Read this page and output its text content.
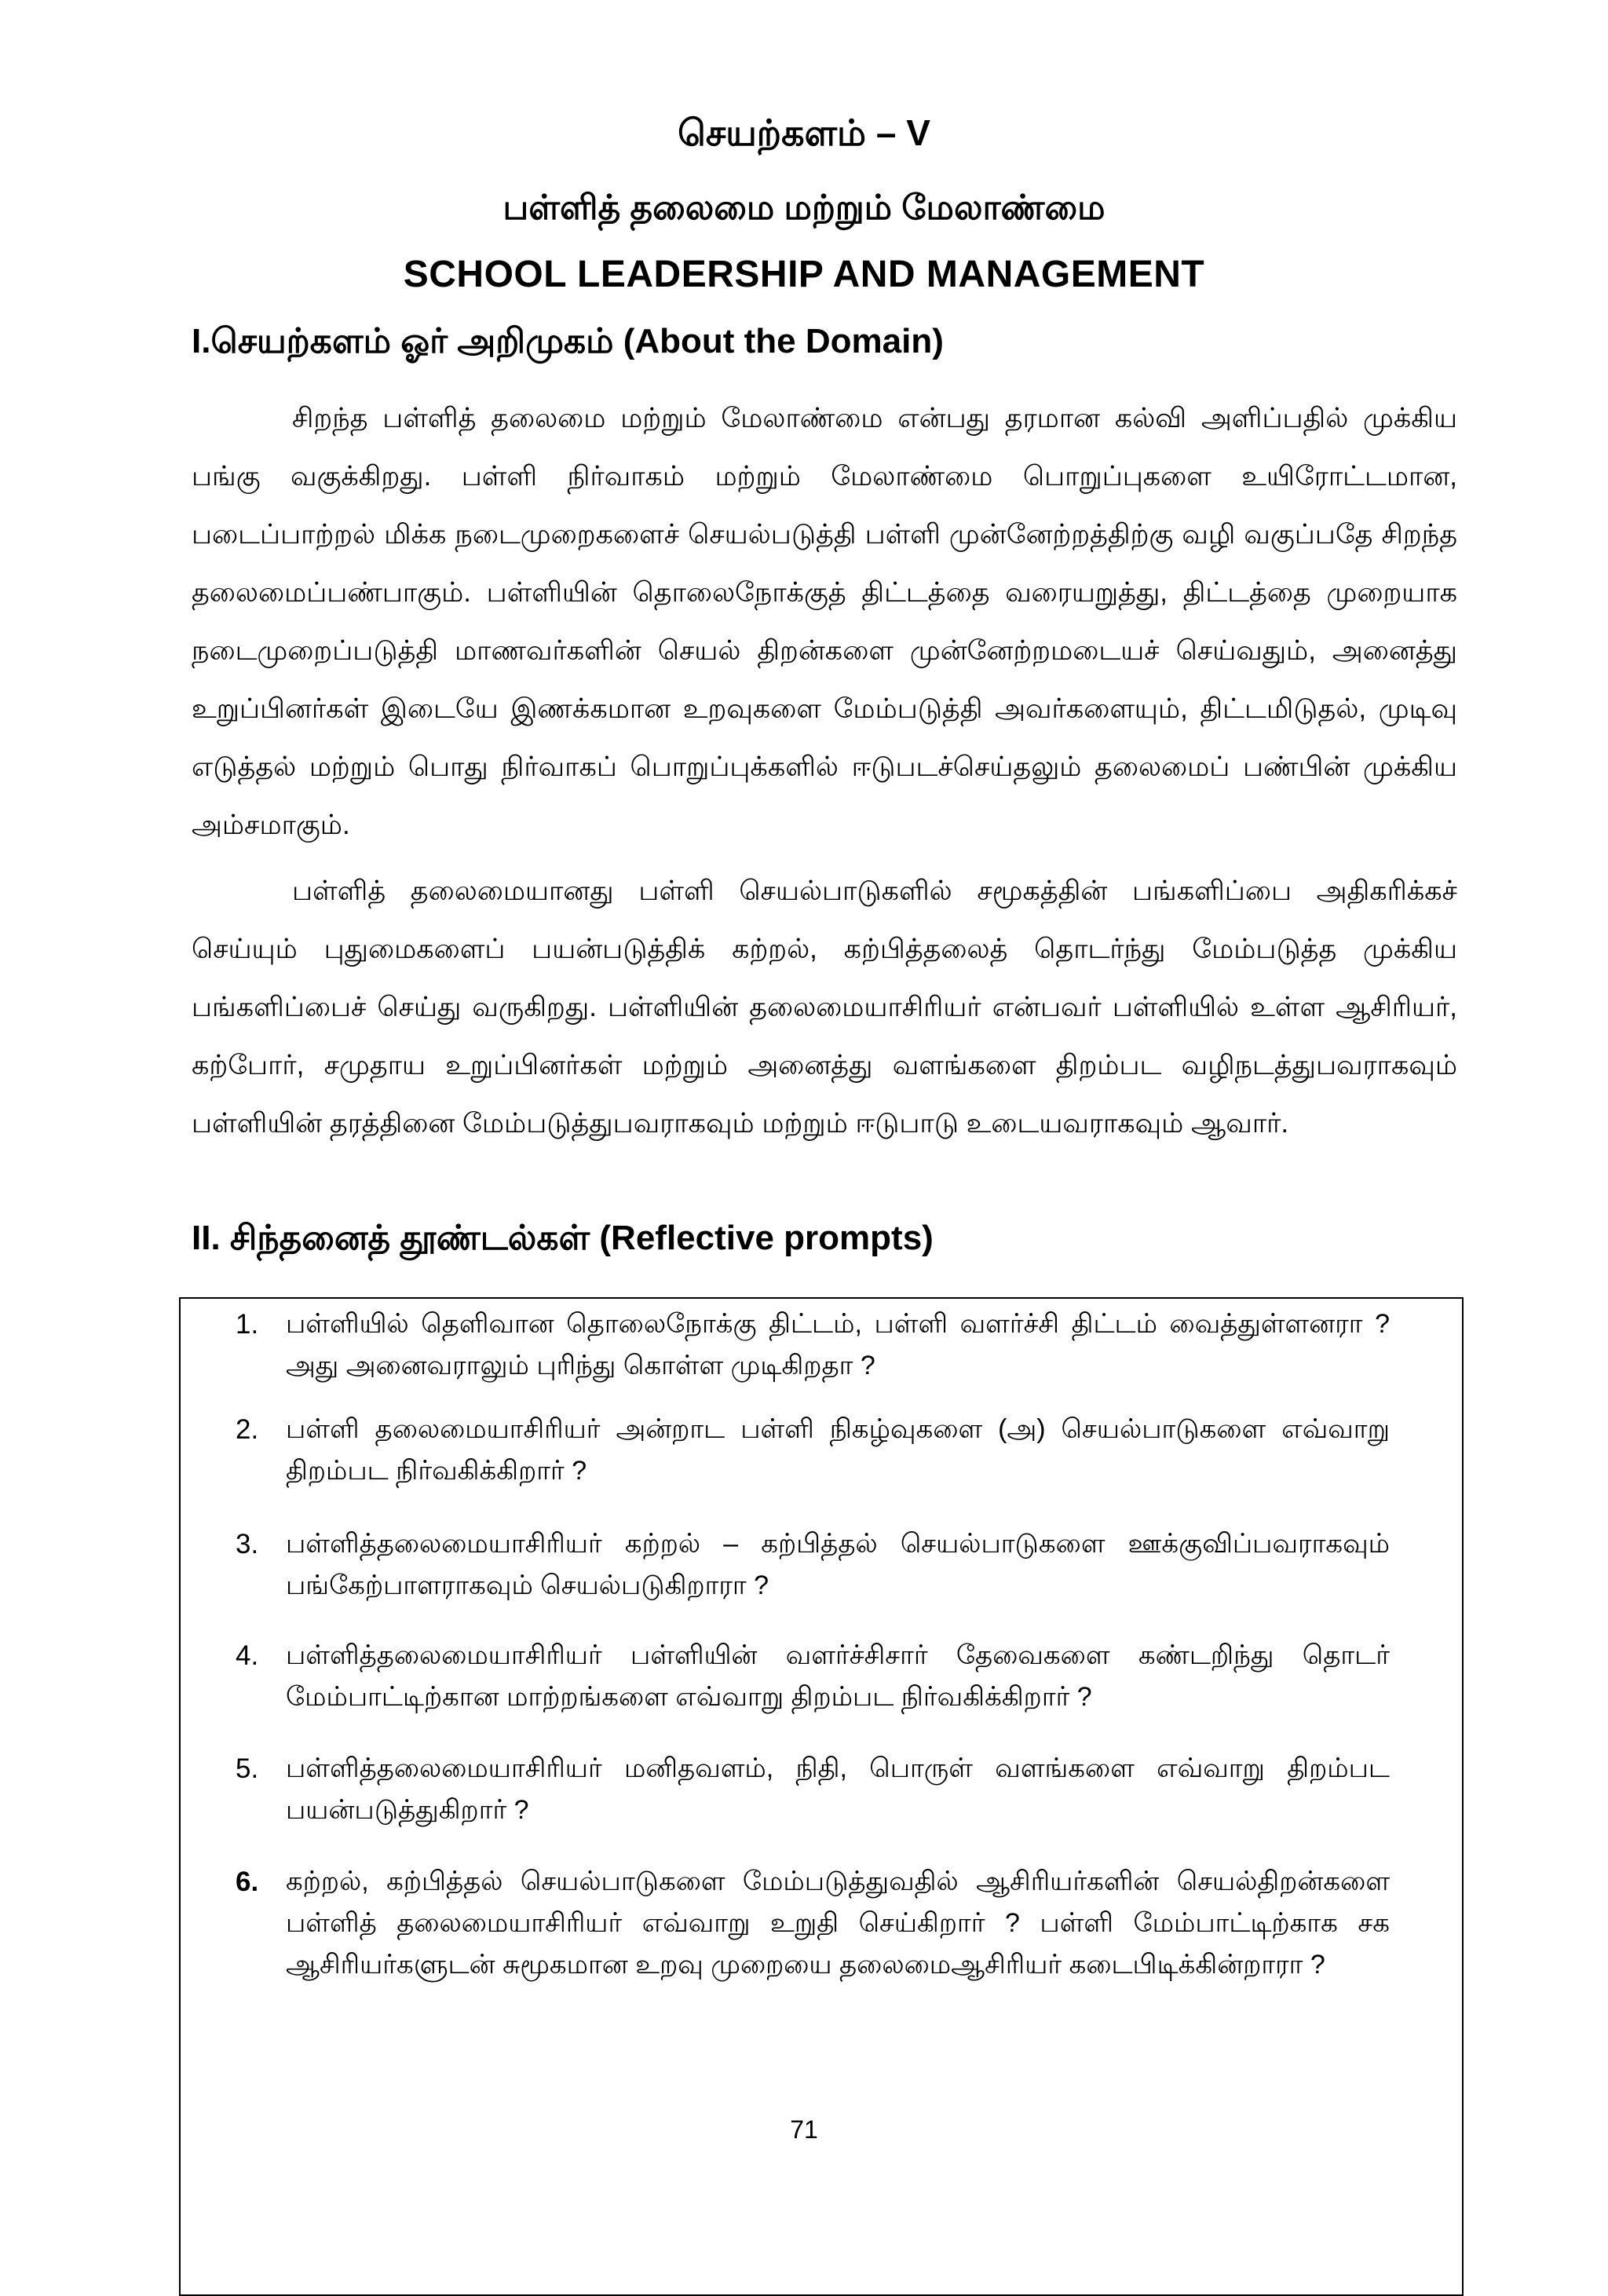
செயற்களம் – V
பள்ளித் தலைமை மற்றும் மேலாண்மை
SCHOOL LEADERSHIP AND MANAGEMENT
I.செயற்களம் ஓர் அறிமுகம் (About the Domain)

சிறந்த பள்ளித் தலைமை மற்றும் மேலாண்மை என்பது தரமான கல்வி அளிப்பதில் முக்கிய பங்கு வகுக்கிறது. பள்ளி நிர்வாகம் மற்றும் மேலாண்மை பொறுப்புகளை உயிரோட்டமான, படைப்பாற்றல் மிக்க நடைமுறைகளைச் செயல்படுத்தி பள்ளி முன்னேற்றத்திற்கு வழி வகுப்பதே சிறந்த தலைமைப்பண்பாகும். பள்ளியின் தொலைநோக்குத் திட்டத்தை வரையறுத்து, திட்டத்தை முறையாக நடைமுறைப்படுத்தி மாணவர்களின் செயல் திறன்களை முன்னேற்றமடையச் செய்வதும், அனைத்து உறுப்பினர்கள் இடையே இணக்கமான உறவுகளை மேம்படுத்தி அவர்களையும், திட்டமிடுதல், முடிவு எடுத்தல் மற்றும் பொது நிர்வாகப் பொறுப்புக்களில் ஈடுபடச்செய்தலும் தலைமைப் பண்பின் முக்கிய அம்சமாகும்.

பள்ளித் தலைமையானது பள்ளி செயல்பாடுகளில் சமூகத்தின் பங்களிப்பை அதிகரிக்கச் செய்யும் புதுமைகளைப் பயன்படுத்திக் கற்றல், கற்பித்தலைத் தொடர்ந்து மேம்படுத்த முக்கிய பங்களிப்பைச் செய்து வருகிறது. பள்ளியின் தலைமையாசிரியர் என்பவர் பள்ளியில் உள்ள ஆசிரியர், கற்போர், சமுதாய உறுப்பினர்கள் மற்றும் அனைத்து வளங்களை திறம்பட வழிநடத்துபவராகவும் பள்ளியின் தரத்தினை மேம்படுத்துபவராகவும் மற்றும் ஈடுபாடு உடையவராகவும் ஆவார்.

II. சிந்தனைத் தூண்டல்கள் (Reflective prompts)
1.	பள்ளியில் தெளிவான தொலைநோக்கு திட்டம், பள்ளி வளர்ச்சி திட்டம் வைத்துள்ளனரா ? அது அனைவராலும் புரிந்து கொள்ள முடிகிறதா ?
2.	பள்ளி தலைமையாசிரியர் அன்றாட பள்ளி நிகழ்வுகளை (அ) செயல்பாடுகளை எவ்வாறு திறம்பட நிர்வகிக்கிறார் ?
3.	பள்ளித்தலைமையாசிரியர் கற்றல் – கற்பித்தல் செயல்பாடுகளை ஊக்குவிப்பவராகவும் பங்கேற்பாளராகவும் செயல்படுகிறாரா ?
4.	பள்ளித்தலைமையாசிரியர் பள்ளியின் வளர்ச்சிசார் தேவைகளை கண்டறிந்து தொடர் மேம்பாட்டிற்கான மாற்றங்களை எவ்வாறு திறம்பட நிர்வகிக்கிறார் ?
5.	பள்ளித்தலைமையாசிரியர் மனிதவளம், நிதி, பொருள் வளங்களை எவ்வாறு திறம்பட பயன்படுத்துகிறார் ?
6.	கற்றல், கற்பித்தல் செயல்பாடுகளை மேம்படுத்துவதில் ஆசிரியர்களின் செயல்திறன்களை பள்ளித் தலைமையாசிரியர் எவ்வாறு உறுதி செய்கிறார் ? பள்ளி மேம்பாட்டிற்காக சக ஆசிரியர்களுடன் சுமூகமான உறவு முறையை தலைமைஆசிரியர் கடைபிடிக்கின்றாரா ?
71
